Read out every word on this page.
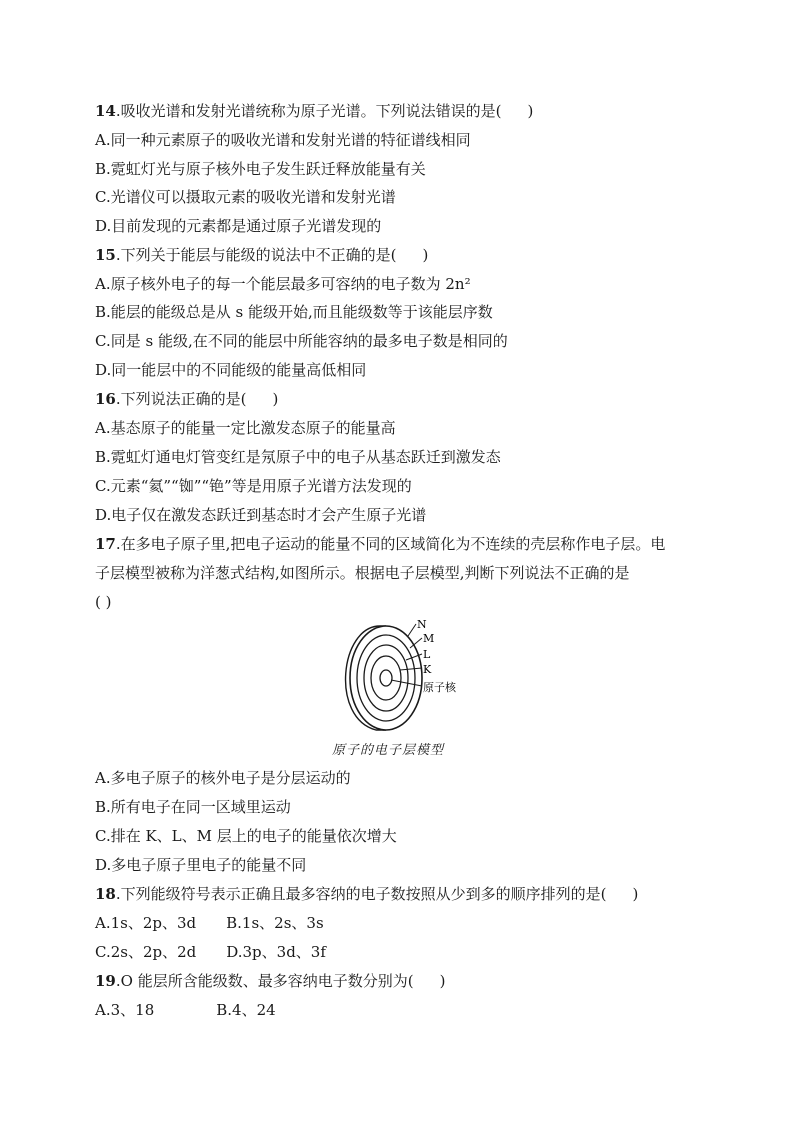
14.吸收光谱和发射光谱统称为原子光谱。下列说法错误的是( )
A.同一种元素原子的吸收光谱和发射光谱的特征谱线相同
B.霓虹灯光与原子核外电子发生跃迁释放能量有关
C.光谱仪可以摄取元素的吸收光谱和发射光谱
D.目前发现的元素都是通过原子光谱发现的
15.下列关于能层与能级的说法中不正确的是( )
A.原子核外电子的每一个能层最多可容纳的电子数为 2n²
B.能层的能级总是从 s 能级开始,而且能级数等于该能层序数
C.同是 s 能级,在不同的能层中所能容纳的最多电子数是相同的
D.同一能层中的不同能级的能量高低相同
16.下列说法正确的是( )
A.基态原子的能量一定比激发态原子的能量高
B.霓虹灯通电灯管变红是氖原子中的电子从基态跃迁到激发态
C.元素“氦”“铷”“铯”等是用原子光谱方法发现的
D.电子仅在激发态跃迁到基态时才会产生原子光谱
17.在多电子原子里,把电子运动的能量不同的区域简化为不连续的壳层称作电子层。电
子层模型被称为洋葱式结构,如图所示。根据电子层模型,判断下列说法不正确的是
( )
N
M
L
K
原子核
原子的电子层模型
A.多电子原子的核外电子是分层运动的
B.所有电子在同一区域里运动
C.排在 K、L、M 层上的电子的能量依次增大
D.多电子原子里电子的能量不同
18.下列能级符号表示正确且最多容纳的电子数按照从少到多的顺序排列的是( )
A.1s、2p、3d B.1s、2s、3s
C.2s、2p、2d D.3p、3d、3f
19.O 能层所含能级数、最多容纳电子数分别为( )
A.3、18	B.4、24
